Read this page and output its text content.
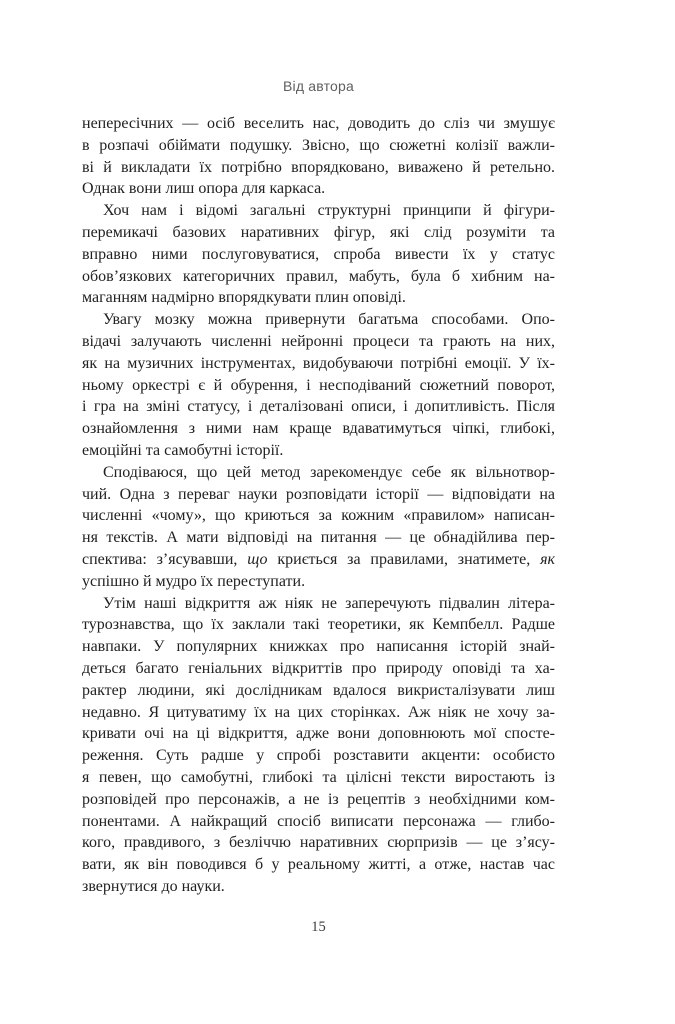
Від автора
непересічних — осіб веселить нас, доводить до сліз чи змушує
в розпачі обіймати подушку. Звісно, що сюжетні колізії важли-
ві й викладати їх потрібно впорядковано, виважено й ретельно.
Однак вони лиш опора для каркаса.
Хоч нам і відомі загальні структурні принципи й фігури-
перемикачі базових наративних фігур, які слід розуміти та
вправно ними послуговуватися, спроба вивести їх у статус
обов’язкових категоричних правил, мабуть, була б хибним на-
маганням надмірно впорядкувати плин оповіді.
Увагу мозку можна привернути багатьма способами. Опо-
відачі залучають численні нейронні процеси та грають на них,
як на музичних інструментах, видобуваючи потрібні емоції. У їх-
ньому оркестрі є й обурення, і несподіваний сюжетний поворот,
і гра на зміні статусу, і деталізовані описи, і допитливість. Після
ознайомлення з ними нам краще вдаватимуться чіпкі, глибокі,
емоційні та самобутні історії.
Сподіваюся, що цей метод зарекомендує себе як вільнотвор-
чий. Одна з переваг науки розповідати історії — відповідати на
численні «чому», що криються за кожним «правилом» написан-
ня текстів. А мати відповіді на питання — це обнадійлива пер-
спектива: з’ясувавши, що криється за правилами, знатимете, як
успішно й мудро їх переступати.
Утім наші відкриття аж ніяк не заперечують підвалин літера-
турознавства, що їх заклали такі теоретики, як Кемпбелл. Радше
навпаки. У популярних книжках про написання історій знай-
деться багато геніальних відкриттів про природу оповіді та ха-
рактер людини, які дослідникам вдалося викристалізувати лиш
недавно. Я цитуватиму їх на цих сторінках. Аж ніяк не хочу за-
кривати очі на ці відкриття, адже вони доповнюють мої спосте-
реження. Суть радше у спробі розставити акценти: особисто
я певен, що самобутні, глибокі та цілісні тексти виростають із
розповідей про персонажів, а не із рецептів з необхідними ком-
понентами. А найкращий спосіб виписати персонажа — глибо-
кого, правдивого, з безліччю наративних сюрпризів — це з’ясу-
вати, як він поводився б у реальному житті, а отже, настав час
звернутися до науки.
15
